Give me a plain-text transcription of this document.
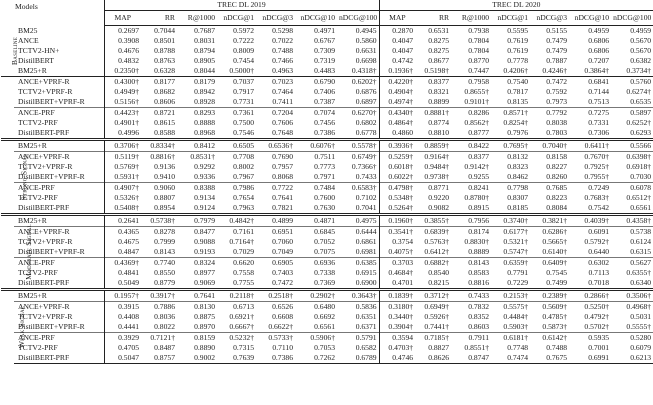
Models		TREC DL 2019							TREC DL 2020						
		MAP	RR	R@1000	nDCG@1	nDCG@3	nDCG@10	nDCG@100	MAP	RR	R@1000	nDCG@1	nDCG@3	nDCG@10	nDCG@100
Baseline	BM25	0.2697	0.7044	0.7687	0.5972	0.5298	0.4971	0.4945	0.2870	0.6531	0.7938	0.5595	0.5155	0.4959	0.4959
	ANCE	0.3908	0.8501	0.8031	0.7222	0.7022	0.6767	0.5860	0.4047	0.8275	0.7804	0.7619	0.7479	0.6806	0.5670
	TCTV2-HN+	0.4676	0.8788	0.8794	0.8009	0.7488	0.7309	0.6631	0.4047	0.8275	0.7804	0.7619	0.7479	0.6806	0.5670
	DistilBERT	0.4832	0.8763	0.8905	0.7454	0.7466	0.7319	0.6698	0.4742	0.8677	0.8770	0.7778	0.7887	0.7207	0.6382
	BM25+R	0.2350†	0.6328	0.8044	0.5000†	0.4963	0.4483	0.4318†	0.1936†	0.5198†	0.7447	0.4206†	0.4246†	0.3864†	0.3734†
	ANCE+VPRF-R	0.4300†	0.8177	0.8179	0.7037	0.7023	0.6790	0.6202†	0.4220†	0.8377	0.7958	0.7540	0.7472	0.6841	0.5760
	TCTV2+VPRF-R	0.4949†	0.8682	0.8942	0.7917	0.7464	0.7406	0.6876	0.4904†	0.8321	0.8655†	0.7817	0.7592	0.7144	0.6274†
	DistilBERT+VPRF-R	0.5156†	0.8606	0.8928	0.7731	0.7411	0.7387	0.6897	0.4974†	0.8899	0.9101†	0.8135	0.7973	0.7513	0.6535
	ANCE-PRF	0.4423†	0.8721	0.8293	0.7361	0.7204	0.7074	0.6270†	0.4340†	0.8881†	0.8286	0.8571†	0.7792	0.7275	0.5897
	TCTV2-PRF	0.4901†	0.8615	0.8888	0.7500	0.7606	0.7456	0.6802	0.4864†	0.8774	0.8562†	0.8254†	0.8038	0.7331	0.6252†
	DistilBERT-PRF	0.4996	0.8588	0.8968	0.7546	0.7648	0.7386	0.6778	0.4860	0.8810	0.8777	0.7976	0.7803	0.7306	0.6293
Strong Signal	BM25+R	0.3706†	0.8334†	0.8412	0.6505	0.6536†	0.6076†	0.5578†	0.3936†	0.8859†	0.8422	0.7695†	0.7040†	0.6411†	0.5566
	ANCE+VPRF-R	0.5119†	0.8816†	0.8531†	0.7708	0.7690	0.7511	0.6749†	0.5259†	0.9164†	0.8377	0.8132	0.8158	0.7670†	0.6398†
	TCTV2+VPRF-R	0.5769†	0.9136	0.9292	0.8002	0.7957	0.7773	0.7366†	0.6018†	0.9484†	0.9142†	0.8323	0.8227	0.7925†	0.6918†
	DistilBERT+VPRF-R	0.5931†	0.9410	0.9336	0.7967	0.8068	0.7971	0.7433	0.6022†	0.9738†	0.9255	0.8462	0.8260	0.7955†	0.7030
	ANCE-PRF	0.4907†	0.9060	0.8388	0.7986	0.7722	0.7484	0.6583†	0.4798†	0.8771	0.8241	0.7798	0.7685	0.7249	0.6078
	TCTV2-PRF	0.5326†	0.8807	0.9134	0.7654	0.7641	0.7600	0.7102	0.5348†	0.9220	0.8780†	0.8307	0.8223	0.7683†	0.6512†
	DistilBERT-PRF	0.5408†	0.8954	0.9124	0.7963	0.7821	0.7630	0.7041	0.5264†	0.9082	0.8915	0.8185	0.8084	0.7542	0.6561
Moderate Signal	BM25+R	0.2641	0.5738†	0.7979	0.4842†	0.4899	0.4871	0.4975	0.1960†	0.3855†	0.7956	0.3740†	0.3821†	0.4039†	0.4358†
	ANCE+VPRF-R	0.4365	0.8278	0.8477	0.7161	0.6951	0.6845	0.6444	0.3541†	0.6839†	0.8174	0.6177†	0.6286†	0.6091	0.5738
	TCTV2+VPRF-R	0.4675	0.7999	0.9088	0.7164†	0.7060	0.7052	0.6861	0.3754	0.5763†	0.8830†	0.5321†	0.5665†	0.5792†	0.6124
	DistilBERT+VPRF-R	0.4847	0.8143	0.9193	0.7029	0.7049	0.7075	0.6981	0.4075†	0.6412†	0.8889	0.5747†	0.6140†	0.6440	0.6315
	ANCE-PRF	0.4369†	0.7740	0.8324	0.6620	0.6905	0.6936	0.6385	0.3703	0.6882†	0.8143	0.6359†	0.6409†	0.6302	0.5627
	TCTV2-PRF	0.4841	0.8550	0.8977	0.7558	0.7403	0.7338	0.6915	0.4684†	0.8540	0.8583	0.7791	0.7545	0.7113	0.6355†
	DistilBERT-PRF	0.5049	0.8779	0.9069	0.7755	0.7472	0.7369	0.6900	0.4701	0.8215	0.8816	0.7229	0.7499	0.7018	0.6340
Weak Signal	BM25+R	0.1957†	0.3917†	0.7641	0.2118†	0.2518†	0.2902†	0.3643†	0.1839†	0.3712†	0.7433	0.2153†	0.2389†	0.2866†	0.3506†
	ANCE+VPRF-R	0.3915	0.7886	0.8130	0.6713	0.6526	0.6480	0.5836	0.3180†	0.6949†	0.7832	0.5575†	0.5609†	0.5250†	0.4968†
	TCTV2+VPRF-R	0.4408	0.8036	0.8875	0.6921†	0.6608	0.6692	0.6351	0.3440†	0.5926†	0.8352	0.4484†	0.4785†	0.4792†	0.5031
	DistilBERT+VPRF-R	0.4441	0.8022	0.8970	0.6667†	0.6622†	0.6561	0.6371	0.3904†	0.7441†	0.8603	0.5903†	0.5873†	0.5702†	0.5555†
	ANCE-PRF	0.3929	0.7121†	0.8159	0.5232†	0.5733†	0.5906†	0.5791	0.3594	0.7185†	0.7911	0.6181†	0.6142†	0.5935	0.5280
	TCTV2-PRF	0.4705	0.8487	0.8890	0.7315	0.7110	0.7053	0.6582	0.4703†	0.8827	0.8551†	0.7748	0.7488	0.7001	0.6079
	DistilBERT-PRF	0.5047	0.8757	0.9002	0.7639	0.7386	0.7262	0.6789	0.4746	0.8626	0.8747	0.7474	0.7675	0.6991	0.6213
